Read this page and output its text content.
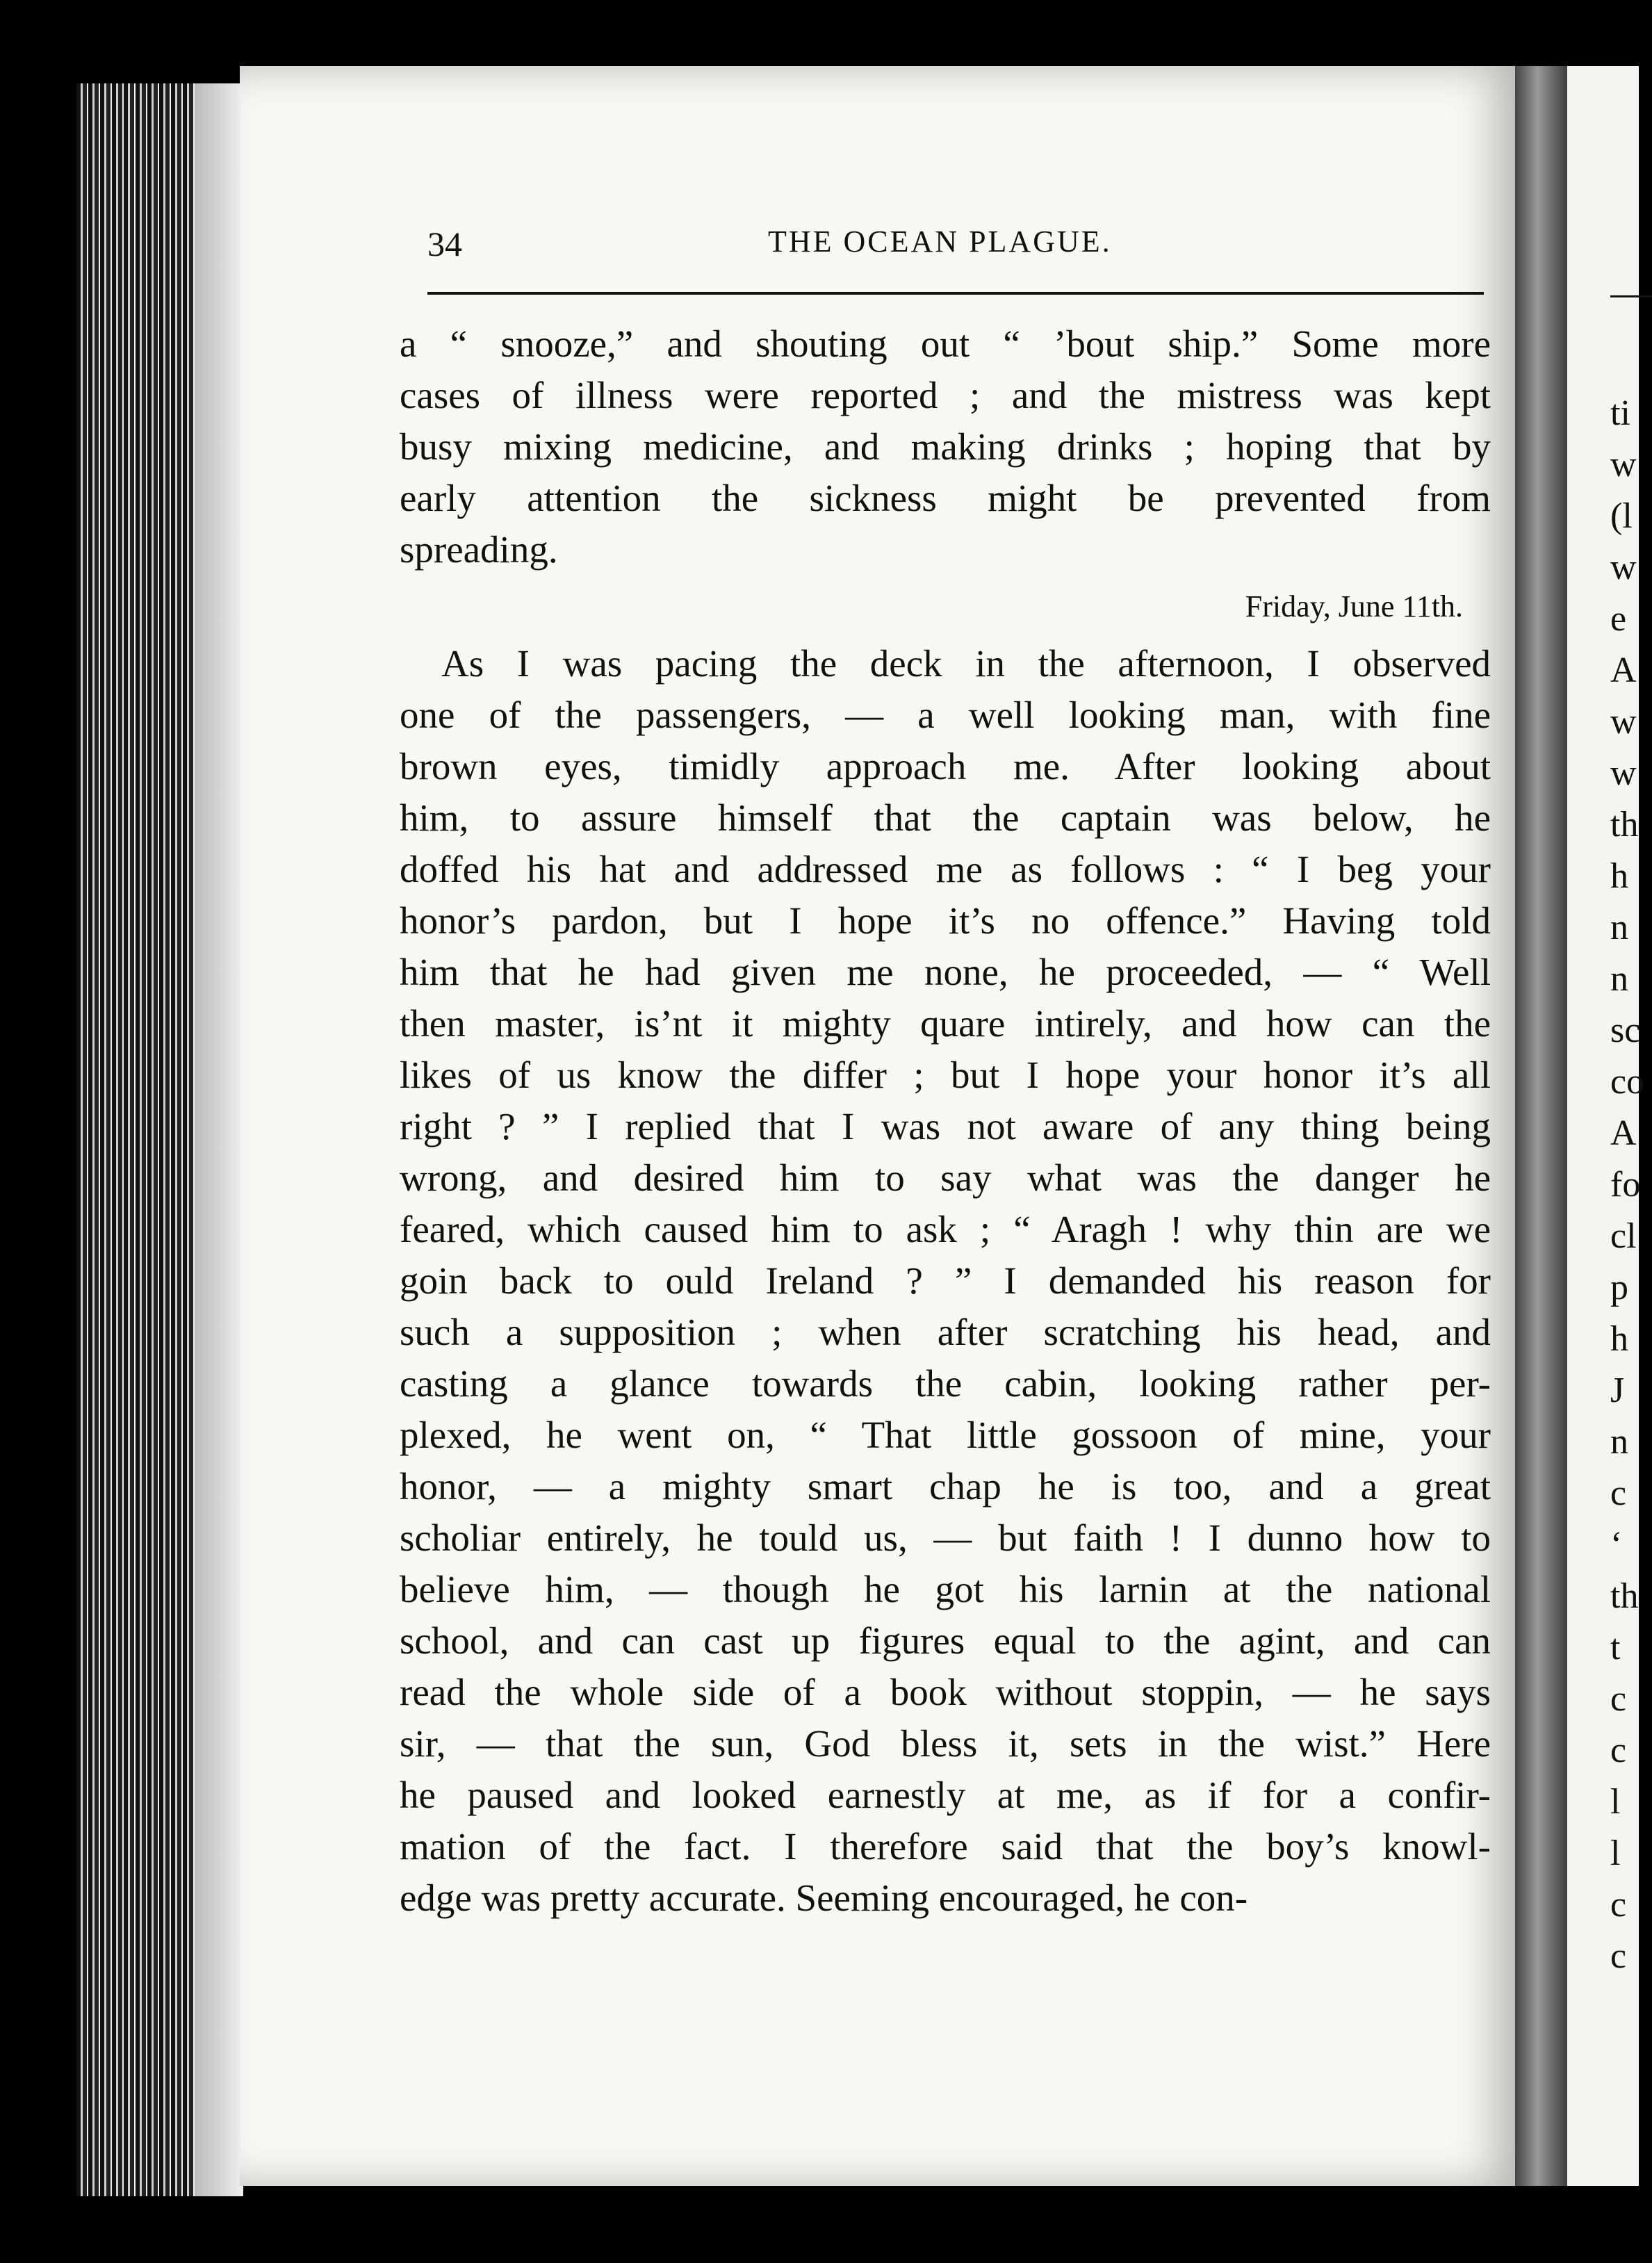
34	THE OCEAN PLAGUE.
a “ snooze,” and shouting out “ ’bout ship.” Some more
cases of illness were reported ; and the mistress was kept
busy mixing medicine, and making drinks ; hoping that by
early attention the sickness might be prevented from
spreading.
Friday, June 11th.
As I was pacing the deck in the afternoon, I observed
one of the passengers, — a well looking man, with fine
brown eyes, timidly approach me. After looking about
him, to assure himself that the captain was below, he
doffed his hat and addressed me as follows : “ I beg your
honor’s pardon, but I hope it’s no offence.” Having told
him that he had given me none, he proceeded, — “ Well
then master, is’nt it mighty quare intirely, and how can the
likes of us know the differ ; but I hope your honor it’s all
right ? ” I replied that I was not aware of any thing being
wrong, and desired him to say what was the danger he
feared, which caused him to ask ; “ Aragh ! why thin are we
goin back to ould Ireland ? ” I demanded his reason for
such a supposition ; when after scratching his head, and
casting a glance towards the cabin, looking rather per-
plexed, he went on, “ That little gossoon of mine, your
honor, — a mighty smart chap he is too, and a great
scholiar entirely, he tould us, — but faith ! I dunno how to
believe him, — though he got his larnin at the national
school, and can cast up figures equal to the agint, and can
read the whole side of a book without stoppin, — he says
sir, — that the sun, God bless it, sets in the wist.” Here
he paused and looked earnestly at me, as if for a confir-
mation of the fact. I therefore said that the boy’s knowl-
edge was pretty accurate. Seeming encouraged, he con-
ti
w
(l
w
e
A
w
w
th
h
n
n
sc
co
A
fo
cl
p
h
J
n
c
‘
th
t
c
c
l
l
c
c
